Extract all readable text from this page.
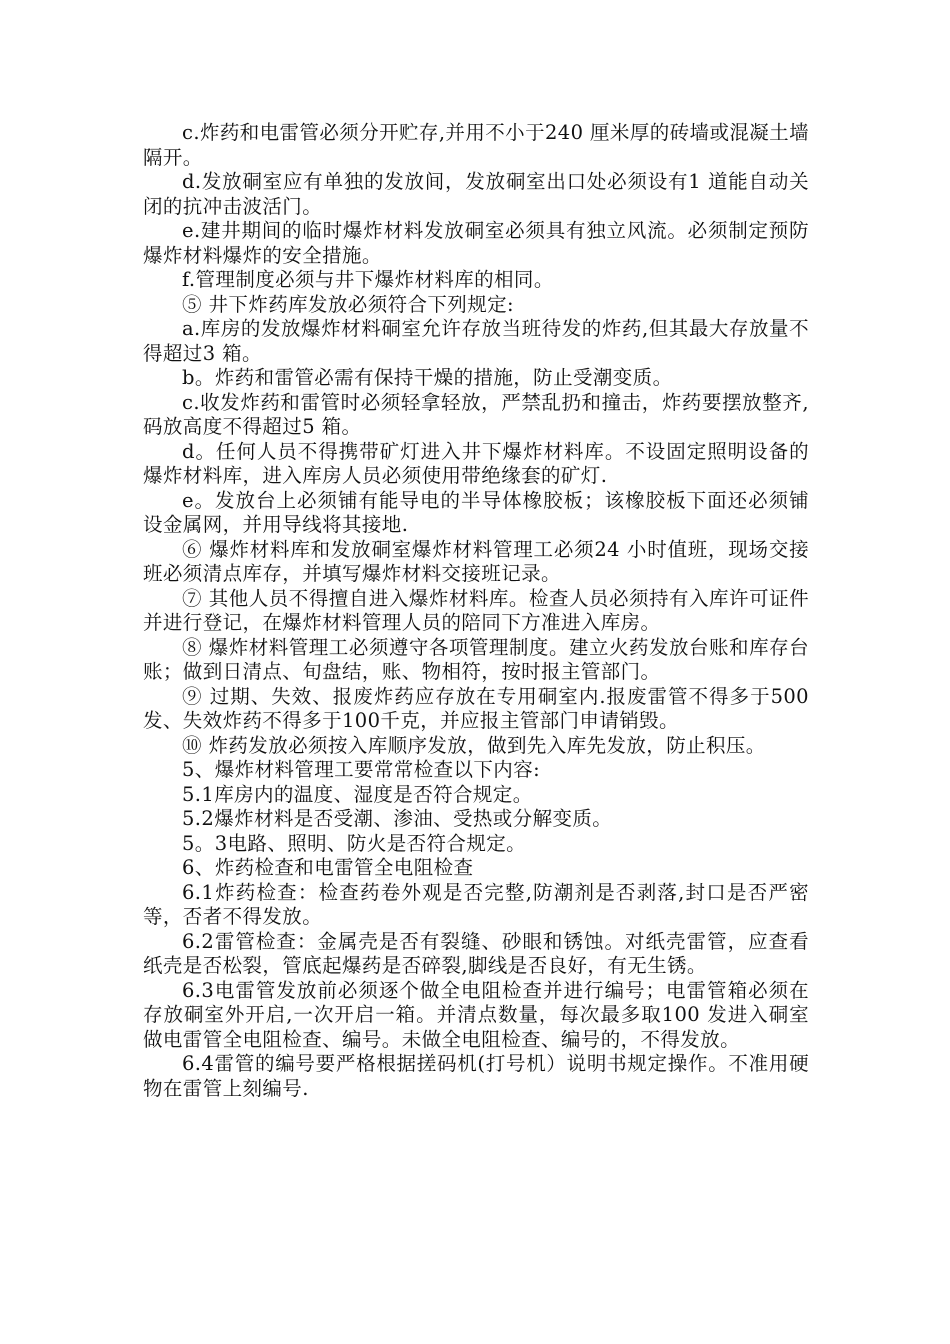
c.炸药和电雷管必须分开贮存,并用不小于240 厘米厚的砖墙或混凝土墙隔开。

d.发放硐室应有单独的发放间，发放硐室出口处必须设有1 道能自动关闭的抗冲击波活门。

e.建井期间的临时爆炸材料发放硐室必须具有独立风流。必须制定预防爆炸材料爆炸的安全措施。

f.管理制度必须与井下爆炸材料库的相同。

⑤ 井下炸药库发放必须符合下列规定:

a.库房的发放爆炸材料硐室允许存放当班待发的炸药,但其最大存放量不得超过3 箱。

b。炸药和雷管必需有保持干燥的措施，防止受潮变质。

c.收发炸药和雷管时必须轻拿轻放，严禁乱扔和撞击，炸药要摆放整齐,码放高度不得超过5 箱。

d。任何人员不得携带矿灯进入井下爆炸材料库。不设固定照明设备的爆炸材料库，进入库房人员必须使用带绝缘套的矿灯.

e。发放台上必须铺有能导电的半导体橡胶板；该橡胶板下面还必须铺设金属网，并用导线将其接地.

⑥ 爆炸材料库和发放硐室爆炸材料管理工必须24 小时值班，现场交接班必须清点库存，并填写爆炸材料交接班记录。

⑦ 其他人员不得擅自进入爆炸材料库。检查人员必须持有入库许可证件并进行登记，在爆炸材料管理人员的陪同下方准进入库房。

⑧ 爆炸材料管理工必须遵守各项管理制度。建立火药发放台账和库存台账；做到日清点、旬盘结，账、物相符，按时报主管部门。

⑨ 过期、失效、报废炸药应存放在专用硐室内.报废雷管不得多于500发、失效炸药不得多于100千克，并应报主管部门申请销毁。

⑩ 炸药发放必须按入库顺序发放，做到先入库先发放，防止积压。

5、爆炸材料管理工要常常检查以下内容:

5.1库房内的温度、湿度是否符合规定。

5.2爆炸材料是否受潮、渗油、受热或分解变质。

5。3电路、照明、防火是否符合规定。

6、炸药检查和电雷管全电阻检查

6.1炸药检查：检查药卷外观是否完整,防潮剂是否剥落,封口是否严密等，否者不得发放。

6.2雷管检查：金属壳是否有裂缝、砂眼和锈蚀。对纸壳雷管，应查看纸壳是否松裂，管底起爆药是否碎裂,脚线是否良好，有无生锈。

6.3电雷管发放前必须逐个做全电阻检查并进行编号；电雷管箱必须在存放硐室外开启,一次开启一箱。并清点数量，每次最多取100 发进入硐室做电雷管全电阻检查、编号。未做全电阻检查、编号的，不得发放。

6.4雷管的编号要严格根据搓码机(打号机）说明书规定操作。不准用硬物在雷管上刻编号.
